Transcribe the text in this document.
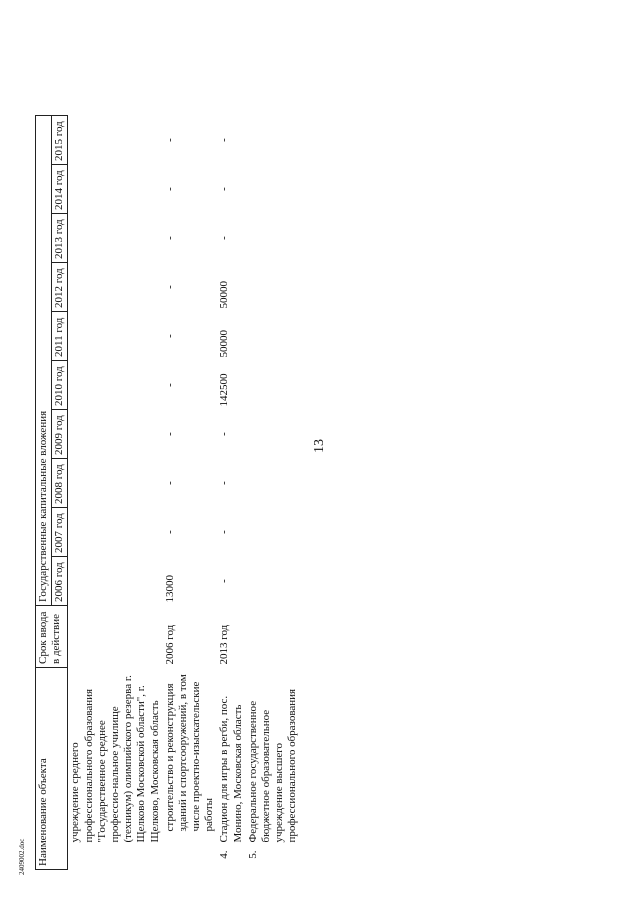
13
Наименование объекта		Срок ввода в действие	Государственные капитальные вложения									
			2006 год	2007 год	2008 год	2009 год	2010 год	2011 год	2012 год	2013 год	2014 год	2015 год
	учреждение среднего профессионального образования "Государственное среднее профессио-нальное училище (техникум) олимпийского резерва г. Щелково Московской области", г. Щелково, Московская область											
	строительство и реконструкция зданий и спортсооружений, в том числе проектно-изыскательские работы	2006 год	13000	-	-	-	-	-	-	-	-	-
4.	Стадион для игры в регби, пос. Монино, Московская область	2013 год	-	-	-	-	142500	50000	50000	-	-	-
5.	Федеральное государственное бюджетное образовательное учреждение высшего профессионального образования											
2409002.doc
